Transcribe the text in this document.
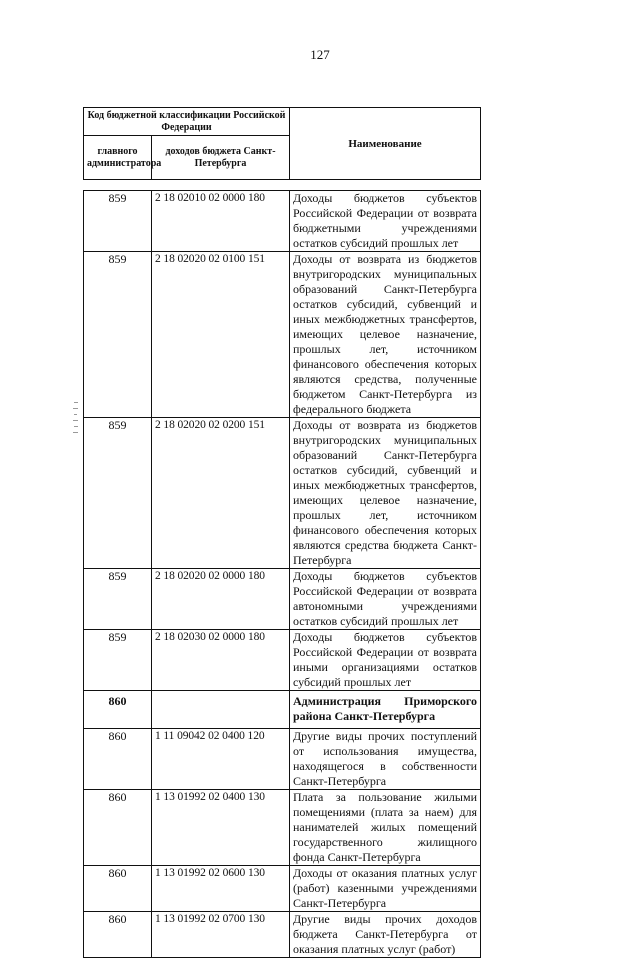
127
Код бюджетной классификации Российской Федерации		Наименование
главного администратора	доходов бюджета Санкт-Петербурга	
859	2 18 02010 02 0000 180	Доходы бюджетов субъектов Российской Федерации от возврата бюджетными учреждениями остатков субсидий прошлых лет
859	2 18 02020 02 0100 151	Доходы от возврата из бюджетов внутригородских муниципальных образований Санкт-Петербурга остатков субсидий, субвенций и иных межбюджетных трансфертов, имеющих целевое назначение, прошлых лет, источником финансового обеспечения которых являются средства, полученные бюджетом Санкт-Петербурга из федерального бюджета
859	2 18 02020 02 0200 151	Доходы от возврата из бюджетов внутригородских муниципальных образований Санкт-Петербурга остатков субсидий, субвенций и иных межбюджетных трансфертов, имеющих целевое назначение, прошлых лет, источником финансового обеспечения которых являются средства бюджета Санкт-Петербурга
859	2 18 02020 02 0000 180	Доходы бюджетов субъектов Российской Федерации от возврата автономными учреждениями остатков субсидий прошлых лет
859	2 18 02030 02 0000 180	Доходы бюджетов субъектов Российской Федерации от возврата иными организациями остатков субсидий прошлых лет
860		Администрация Приморского района Санкт-Петербурга
860	1 11 09042 02 0400 120	Другие виды прочих поступлений от использования имущества, находящегося в собственности Санкт-Петербурга
860	1 13 01992 02 0400 130	Плата за пользование жилыми помещениями (плата за наем) для нанимателей жилых помещений государственного жилищного фонда Санкт-Петербурга
860	1 13 01992 02 0600 130	Доходы от оказания платных услуг (работ) казенными учреждениями Санкт-Петербурга
860	1 13 01992 02 0700 130	Другие виды прочих доходов бюджета Санкт-Петербурга от оказания платных услуг (работ)
